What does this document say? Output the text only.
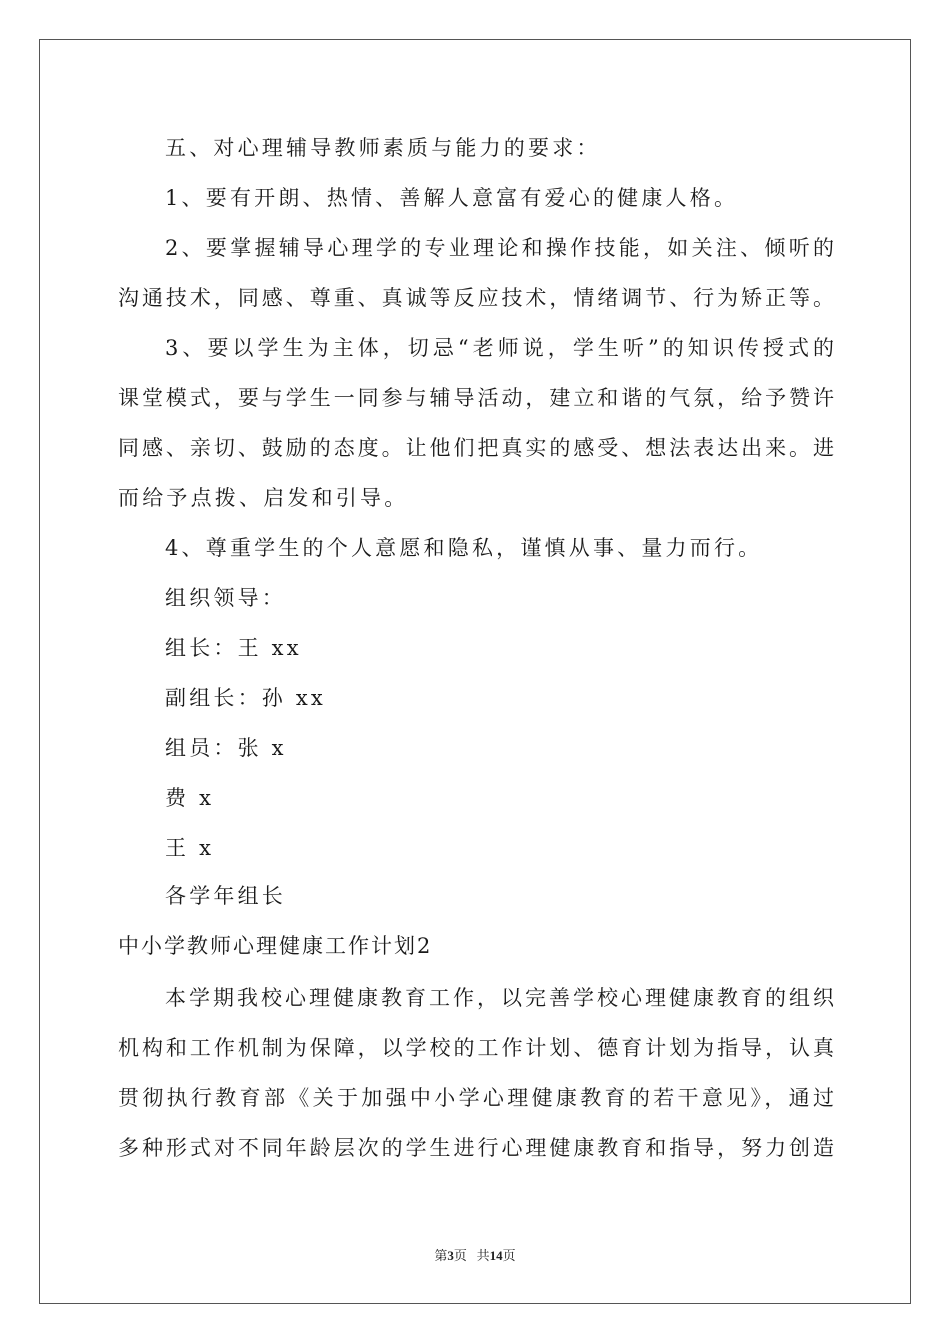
五、对心理辅导教师素质与能力的要求：
1、要有开朗、热情、善解人意富有爱心的健康人格。
2、要掌握辅导心理学的专业理论和操作技能，如关注、倾听的
沟通技术，同感、尊重、真诚等反应技术，情绪调节、行为矫正等。
3、要以学生为主体，切忌“老师说，学生听”的知识传授式的
课堂模式，要与学生一同参与辅导活动，建立和谐的气氛，给予赞许
同感、亲切、鼓励的态度。让他们把真实的感受、想法表达出来。进
而给予点拨、启发和引导。
4、尊重学生的个人意愿和隐私，谨慎从事、量力而行。
组织领导：
组长：王 xx
副组长：孙 xx
组员：张 x
费 x
王 x
各学年组长
中小学教师心理健康工作计划2
本学期我校心理健康教育工作，以完善学校心理健康教育的组织
机构和工作机制为保障，以学校的工作计划、德育计划为指导，认真
贯彻执行教育部《关于加强中小学心理健康教育的若干意见》，通过
多种形式对不同年龄层次的学生进行心理健康教育和指导，努力创造
第3页 共14页
